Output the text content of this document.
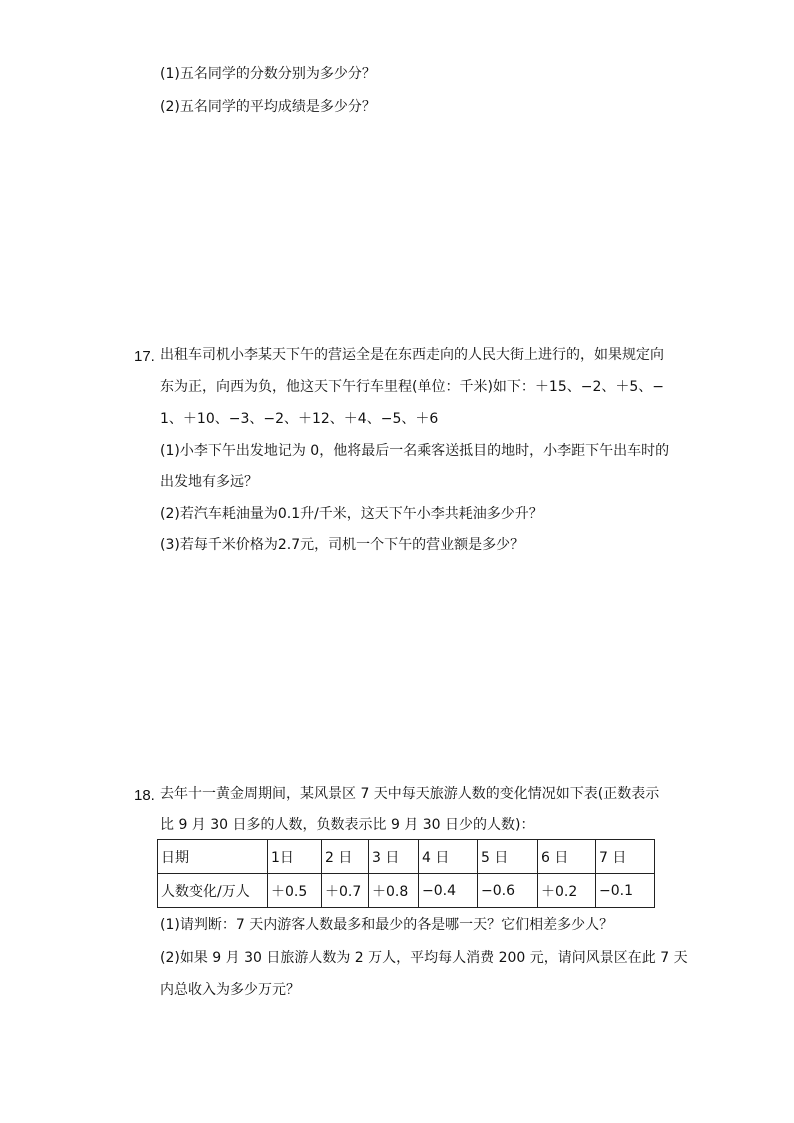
(1)五名同学的分数分别为多少分？
(2)五名同学的平均成绩是多少分？
17. 出租车司机小李某天下午的营运全是在东西走向的人民大街上进行的，如果规定向
东为正，向西为负，他这天下午行车里程(单位：千米)如下：＋15、−2、＋5、−
1、＋10、−3、−2、＋12、＋4、−5、＋6
(1)小李下午出发地记为 0，他将最后一名乘客送抵目的地时，小李距下午出车时的
出发地有多远？
(2)若汽车耗油量为0.1升/千米，这天下午小李共耗油多少升？
(3)若每千米价格为2.7元，司机一个下午的营业额是多少？
18. 去年十一黄金周期间，某风景区 7 天中每天旅游人数的变化情况如下表(正数表示
比 9 月 30 日多的人数，负数表示比 9 月 30 日少的人数)：
日期	1日	2 日	3 日	4 日	5 日	6 日	7 日
人数变化/万人	＋0.5	＋0.7	＋0.8	−0.4	−0.6	＋0.2	−0.1
(1)请判断：7 天内游客人数最多和最少的各是哪一天？它们相差多少人？
(2)如果 9 月 30 日旅游人数为 2 万人，平均每人消费 200 元，请问风景区在此 7 天
内总收入为多少万元？
